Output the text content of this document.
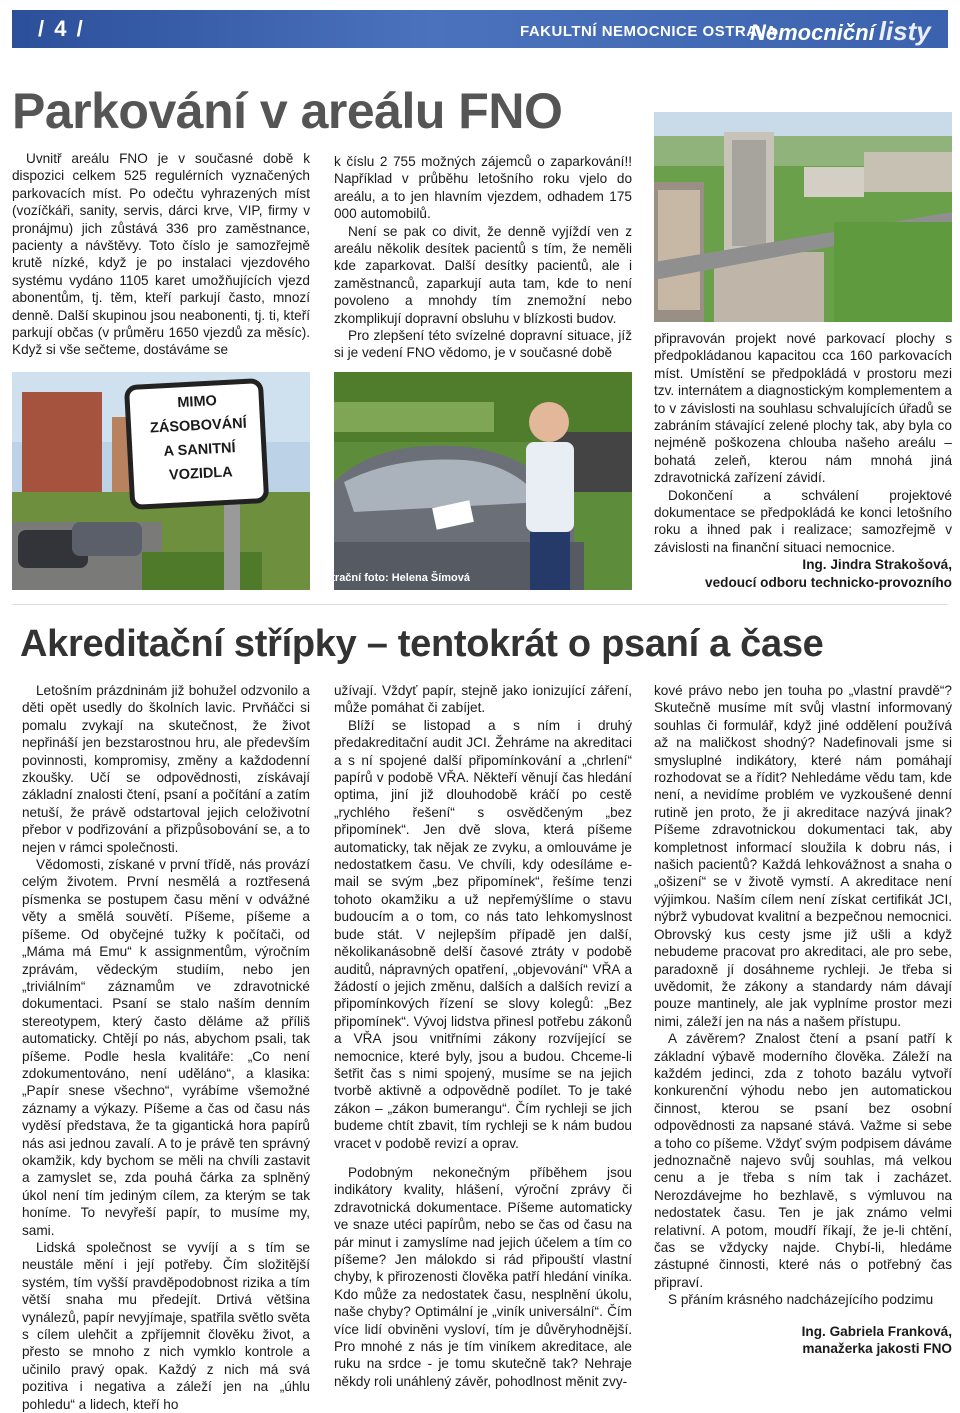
/ 4 /	FAKULTNÍ NEMOCNICE OSTRAVA
Nemocniční listy
Parkování v areálu FNO

Uvnitř areálu FNO je v současné době k dispozici celkem 525 regulérních vyznačených parkovacích míst. Po odečtu vyhrazených míst (vozíčkáři, sanity, servis, dárci krve, VIP, firmy v pronájmu) jich zůstává 336 pro zaměstnance, pacienty a návštěvy. Toto číslo je samozřejmě krutě nízké, když je po instalaci vjezdového systému vydáno 1105 karet umožňujících vjezd abonentům, tj. těm, kteří parkují často, mnozí denně. Další skupinou jsou neabonenti, tj. ti, kteří parkují občas (v průměru 1650 vjezdů za měsíc). Když si vše sečteme, dostáváme se

k číslu 2 755 možných zájemců o zaparkování!! Například v průběhu letošního roku vjelo do areálu, a to jen hlavním vjezdem, odhadem 175 000 automobilů.

Není se pak co divit, že denně vyjíždí ven z areálu několik desítek pacientů s tím, že neměli kde zaparkovat. Další desítky pacientů, ale i zaměstnanců, zaparkují auta tam, kde to není povoleno a mnohdy tím znemožní nebo zkomplikují dopravní obsluhu v blízkosti budov.

Pro zlepšení této svízelné dopravní situace, jíž si je vedení FNO vědomo, je v současné době

MIMO
ZÁSOBOVÁNÍ
A SANITNÍ
VOZIDLA
Ilustrační foto: Helena Šímová

připravován projekt nové parkovací plochy s předpokládanou kapacitou cca 160 parkovacích míst. Umístění se předpokládá v prostoru mezi tzv. internátem a diagnostickým komplementem a to v závislosti na souhlasu schvalujících úřadů se zabráním stávající zelené plochy tak, aby byla co nejméně poškozena chlouba našeho areálu – bohatá zeleň, kterou nám mnohá jiná zdravotnická zařízení závidí.

Dokončení a schválení projektové dokumentace se předpokládá ke konci letošního roku a ihned pak i realizace; samozřejmě v závislosti na finanční situaci nemocnice.

Ing. Jindra Strakošová,
vedoucí odboru technicko-provozního
Akreditační střípky – tentokrát o psaní a čase

Letošním prázdninám již bohužel odzvonilo a děti opět usedly do školních lavic. Prvňáčci si pomalu zvykají na skutečnost, že život nepřináší jen bezstarostnou hru, ale především povinnosti, kompromisy, změny a každodenní zkoušky. Učí se odpovědnosti, získávají základní znalosti čtení, psaní a počítání a zatím netuší, že právě odstartoval jejich celoživotní přebor v podřizování a přizpůsobování se, a to nejen v rámci společnosti.

Vědomosti, získané v první třídě, nás provází celým životem. První nesmělá a roztřesená písmenka se postupem času mění v odvážné věty a smělá souvětí. Píšeme, píšeme a píšeme. Od obyčejné tužky k počítači, od „Máma má Emu“ k assignmentům, výročním zprávám, vědeckým studiím, nebo jen „triviálním“ záznamům ve zdravotnické dokumentaci. Psaní se stalo naším denním stereotypem, který často děláme až příliš automaticky. Chtějí po nás, abychom psali, tak píšeme. Podle hesla kvalitáře: „Co není zdokumentováno, není uděláno“, a klasika: „Papír snese všechno“, vyrábíme všemožné záznamy a výkazy. Píšeme a čas od času nás vyděsí představa, že ta gigantická hora papírů nás asi jednou zavalí. A to je právě ten správný okamžik, kdy bychom se měli na chvíli zastavit a zamyslet se, zda pouhá čárka za splněný úkol není tím jediným cílem, za kterým se tak honíme. To nevyřeší papír, to musíme my, sami.

Lidská společnost se vyvíjí a s tím se neustále mění i její potřeby. Čím složitější systém, tím vyšší pravděpodobnost rizika a tím větší snaha mu předejít. Drtivá většina vynálezů, papír nevyjímaje, spatřila světlo světa s cílem ulehčit a zpříjemnit člověku život, a přesto se mnoho z nich vymklo kontrole a učinilo pravý opak. Každý z nich má svá pozitiva i negativa a záleží jen na „úhlu pohledu“ a lidech, kteří ho

užívají. Vždyť papír, stejně jako ionizující záření, může pomáhat či zabíjet.

Blíží se listopad a s ním i druhý předakreditační audit JCI. Žehráme na akreditaci a s ní spojené další připomínkování a „chrlení“ papírů v podobě VŘA. Někteří věnují čas hledání optima, jiní již dlouhodobě kráčí po cestě „rychlého řešení“ s osvědčeným „bez připomínek“. Jen dvě slova, která píšeme automaticky, tak nějak ze zvyku, a omlouváme je nedostatkem času. Ve chvíli, kdy odesíláme e-mail se svým „bez připomínek“, řešíme tenzi tohoto okamžiku a už nepřemýšlíme o stavu budoucím a o tom, co nás tato lehkomyslnost bude stát. V nejlepším případě jen další, několikanásobně delší časové ztráty v podobě auditů, nápravných opatření, „objevování“ VŘA a žádostí o jejich změnu, dalších a dalších revizí a připomínkových řízení se slovy kolegů: „Bez připomínek“. Vývoj lidstva přinesl potřebu zákonů a VŘA jsou vnitřními zákony rozvíjející se nemocnice, které byly, jsou a budou. Chceme-li šetřit čas s nimi spojený, musíme se na jejich tvorbě aktivně a odpovědně podílet. To je také zákon – „zákon bumerangu“. Čím rychleji se jich budeme chtít zbavit, tím rychleji se k nám budou vracet v podobě revizí a oprav.

Podobným nekonečným příběhem jsou indikátory kvality, hlášení, výroční zprávy či zdravotnická dokumentace. Píšeme automaticky ve snaze utéci papírům, nebo se čas od času na pár minut i zamyslíme nad jejich účelem a tím co píšeme? Jen málokdo si rád připouští vlastní chyby, k přirozenosti člověka patří hledání viníka. Kdo může za nedostatek času, nesplnění úkolu, naše chyby? Optimální je „viník universální“. Čím více lidí obviněni vysloví, tím je důvěryhodnější. Pro mnohé z nás je tím viníkem akreditace, ale ruku na srdce - je tomu skutečně tak? Nehraje někdy roli unáhlený závěr, pohodlnost měnit zvy-

kové právo nebo jen touha po „vlastní pravdě“? Skutečně musíme mít svůj vlastní informovaný souhlas či formulář, když jiné oddělení používá až na maličkost shodný? Nadefinovali jsme si smysluplné indikátory, které nám pomáhají rozhodovat se a řídit? Nehledáme vědu tam, kde není, a nevidíme problém ve vyzkoušené denní rutině jen proto, že ji akreditace nazývá jinak? Píšeme zdravotnickou dokumentaci tak, aby kompletnost informací sloužila k dobru nás, i našich pacientů? Každá lehkovážnost a snaha o „ošizení“ se v životě vymstí. A akreditace není výjimkou. Naším cílem není získat certifikát JCI, nýbrž vybudovat kvalitní a bezpečnou nemocnici. Obrovský kus cesty jsme již ušli a když nebudeme pracovat pro akreditaci, ale pro sebe, paradoxně jí dosáhneme rychleji. Je třeba si uvědomit, že zákony a standardy nám dávají pouze mantinely, ale jak vyplníme prostor mezi nimi, záleží jen na nás a našem přístupu.

A závěrem? Znalost čtení a psaní patří k základní výbavě moderního člověka. Záleží na každém jedinci, zda z tohoto bazálu vytvoří konkurenční výhodu nebo jen automatickou činnost, kterou se psaní bez osobní odpovědnosti za napsané stává. Važme si sebe a toho co píšeme. Vždyť svým podpisem dáváme jednoznačně najevo svůj souhlas, má velkou cenu a je třeba s ním tak i zacházet. Nerozdávejme ho bezhlavě, s výmluvou na nedostatek času. Ten je jak známo velmi relativní. A potom, moudří říkají, že je-li chtění, čas se vždycky najde. Chybí-li, hledáme zástupné činnosti, které nás o potřebný čas připraví.

S přáním krásného nadcházejícího podzimu

Ing. Gabriela Franková,
manažerka jakosti FNO
